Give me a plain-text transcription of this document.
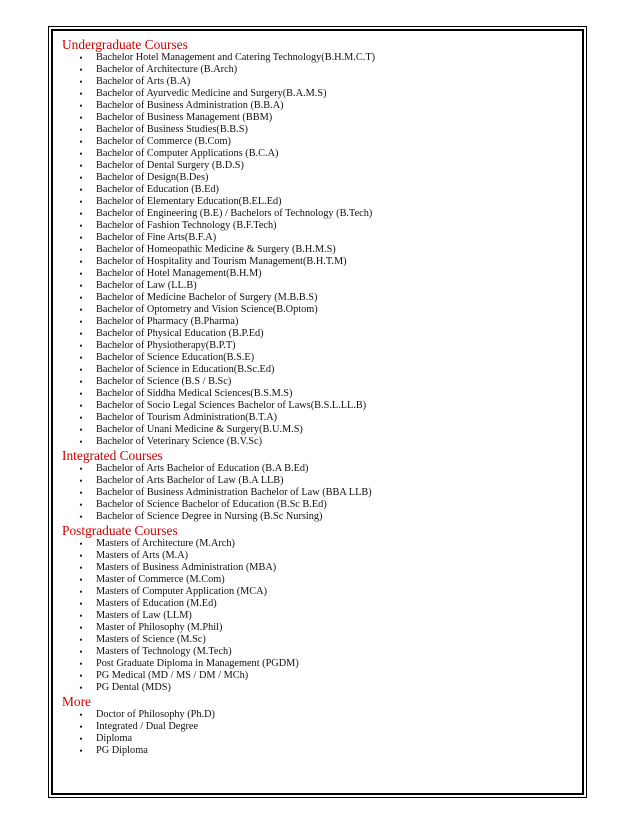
Undergraduate Courses
• Bachelor Hotel Management and Catering Technology(B.H.M.C.T)
• Bachelor of Architecture (B.Arch)
• Bachelor of Arts (B.A)
• Bachelor of Ayurvedic Medicine and Surgery(B.A.M.S)
• Bachelor of Business Administration (B.B.A)
• Bachelor of Business Management (BBM)
• Bachelor of Business Studies(B.B.S)
• Bachelor of Commerce (B.Com)
• Bachelor of Computer Applications (B.C.A)
• Bachelor of Dental Surgery (B.D.S)
• Bachelor of Design(B.Des)
• Bachelor of Education (B.Ed)
• Bachelor of Elementary Education(B.EL.Ed)
• Bachelor of Engineering (B.E) / Bachelors of Technology (B.Tech)
• Bachelor of Fashion Technology (B.F.Tech)
• Bachelor of Fine Arts(B.F.A)
• Bachelor of Homeopathic Medicine & Surgery (B.H.M.S)
• Bachelor of Hospitality and Tourism Management(B.H.T.M)
• Bachelor of Hotel Management(B.H.M)
• Bachelor of Law (LL.B)
• Bachelor of Medicine Bachelor of Surgery (M.B.B.S)
• Bachelor of Optometry and Vision Science(B.Optom)
• Bachelor of Pharmacy (B.Pharma)
• Bachelor of Physical Education (B.P.Ed)
• Bachelor of Physiotherapy(B.P.T)
• Bachelor of Science Education(B.S.E)
• Bachelor of Science in Education(B.Sc.Ed)
• Bachelor of Science (B.S / B.Sc)
• Bachelor of Siddha Medical Sciences(B.S.M.S)
• Bachelor of Socio Legal Sciences Bachelor of Laws(B.S.L.LL.B)
• Bachelor of Tourism Administration(B.T.A)
• Bachelor of Unani Medicine & Surgery(B.U.M.S)
• Bachelor of Veterinary Science (B.V.Sc)
Integrated Courses
• Bachelor of Arts Bachelor of Education (B.A B.Ed)
• Bachelor of Arts Bachelor of Law (B.A LLB)
• Bachelor of Business Administration Bachelor of Law (BBA LLB)
• Bachelor of Science Bachelor of Education (B.Sc B.Ed)
• Bachelor of Science Degree in Nursing (B.Sc Nursing)
Postgraduate Courses
• Masters of Architecture (M.Arch)
• Masters of Arts (M.A)
• Masters of Business Administration (MBA)
• Master of Commerce (M.Com)
• Masters of Computer Application (MCA)
• Masters of Education (M.Ed)
• Masters of Law (LLM)
• Master of Philosophy (M.Phil)
• Masters of Science (M.Sc)
• Masters of Technology (M.Tech)
• Post Graduate Diploma in Management (PGDM)
• PG Medical (MD / MS / DM / MCh)
• PG Dental (MDS)
More
• Doctor of Philosophy (Ph.D)
• Integrated / Dual Degree
• Diploma
• PG Diploma
